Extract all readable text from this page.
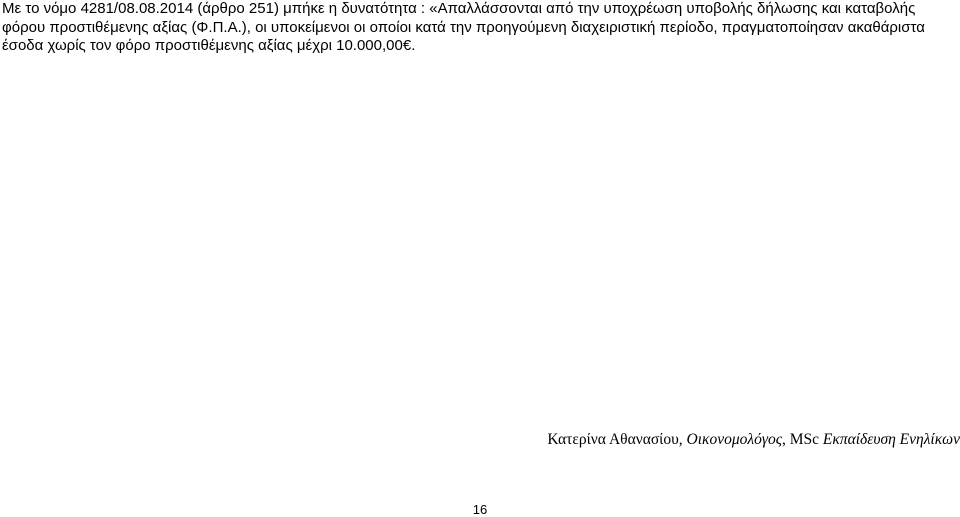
Με το νόμο 4281/08.08.2014 (άρθρο 251) μπήκε η δυνατότητα : «Απαλλάσσονται από την υποχρέωση υποβολής δήλωσης και καταβολής
φόρου προστιθέμενης αξίας (Φ.Π.Α.), οι υποκείμενοι οι οποίοι κατά την προηγούμενη διαχειριστική περίοδο, πραγματοποίησαν ακαθάριστα
έσοδα χωρίς τον φόρο προστιθέμενης αξίας μέχρι 10.000,00€.
Κατερίνα Αθανασίου, Οικονομολόγος, MSc Εκπαίδευση Ενηλίκων
16
